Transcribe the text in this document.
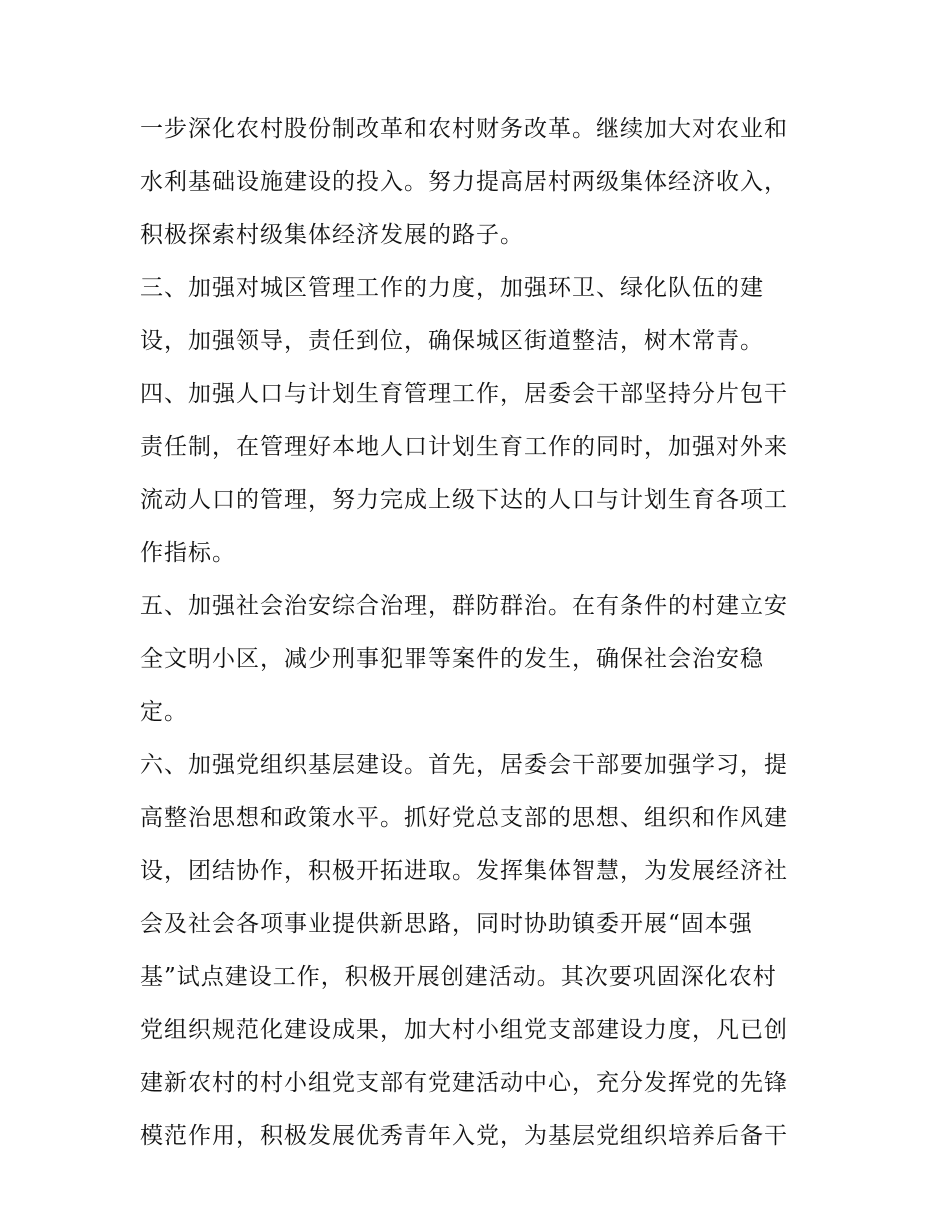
一步深化农村股份制改革和农村财务改革。继续加大对农业和
水利基础设施建设的投入。努力提高居村两级集体经济收入，
积极探索村级集体经济发展的路子。
三、加强对城区管理工作的力度，加强环卫、绿化队伍的建
设，加强领导，责任到位，确保城区街道整洁，树木常青。
四、加强人口与计划生育管理工作，居委会干部坚持分片包干
责任制，在管理好本地人口计划生育工作的同时，加强对外来
流动人口的管理，努力完成上级下达的人口与计划生育各项工
作指标。
五、加强社会治安综合治理，群防群治。在有条件的村建立安
全文明小区，减少刑事犯罪等案件的发生，确保社会治安稳
定。
六、加强党组织基层建设。首先，居委会干部要加强学习，提
高整治思想和政策水平。抓好党总支部的思想、组织和作风建
设，团结协作，积极开拓进取。发挥集体智慧，为发展经济社
会及社会各项事业提供新思路，同时协助镇委开展“固本强
基”试点建设工作，积极开展创建活动。其次要巩固深化农村
党组织规范化建设成果，加大村小组党支部建设力度，凡已创
建新农村的村小组党支部有党建活动中心，充分发挥党的先锋
模范作用，积极发展优秀青年入党，为基层党组织培养后备干
